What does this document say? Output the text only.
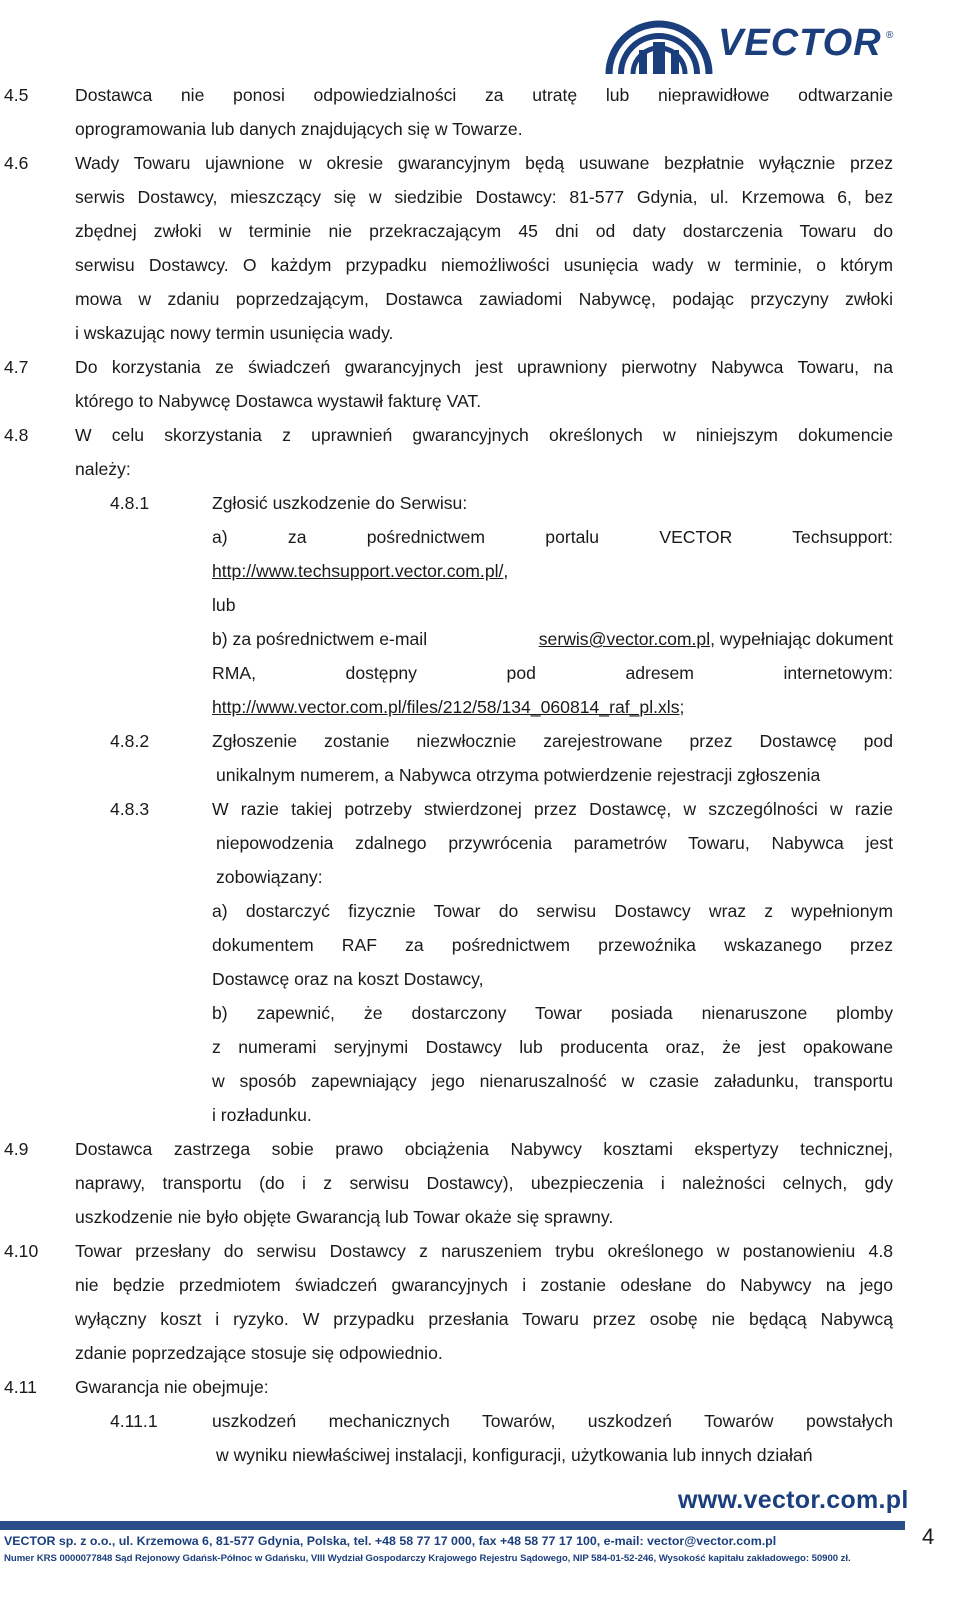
VECTOR ®
4.5	Dostawca nie ponosi odpowiedzialności za utratę lub nieprawidłowe odtwarzanie
oprogramowania lub danych znajdujących się w Towarze.
4.6	Wady Towaru ujawnione w okresie gwarancyjnym będą usuwane bezpłatnie wyłącznie przez
serwis Dostawcy, mieszczący się w siedzibie Dostawcy: 81-577 Gdynia, ul. Krzemowa 6, bez
zbędnej zwłoki w terminie nie przekraczającym 45 dni od daty dostarczenia Towaru do
serwisu Dostawcy. O każdym przypadku niemożliwości usunięcia wady w terminie, o którym
mowa w zdaniu poprzedzającym, Dostawca zawiadomi Nabywcę, podając przyczyny zwłoki
i wskazując nowy termin usunięcia wady.
4.7	Do korzystania ze świadczeń gwarancyjnych jest uprawniony pierwotny Nabywca Towaru, na
którego to Nabywcę Dostawca wystawił fakturę VAT.
4.8	W celu skorzystania z uprawnień gwarancyjnych określonych w niniejszym dokumencie
należy:
4.8.1	Zgłosić uszkodzenie do Serwisu:
a) za pośrednictwem portalu VECTOR Techsupport:
http://www.techsupport.vector.com.pl/,
lub
b) za pośrednictwem e-mail	serwis@vector.com.pl, wypełniając dokument
RMA, dostępny pod adresem internetowym:
http://www.vector.com.pl/files/212/58/134_060814_raf_pl.xls;
4.8.2	Zgłoszenie zostanie niezwłocznie zarejestrowane przez Dostawcę pod
unikalnym numerem, a Nabywca otrzyma potwierdzenie rejestracji zgłoszenia
4.8.3	W razie takiej potrzeby stwierdzonej przez Dostawcę, w szczególności w razie
niepowodzenia zdalnego przywrócenia parametrów Towaru, Nabywca jest
zobowiązany:
a) dostarczyć fizycznie Towar do serwisu Dostawcy wraz z wypełnionym
dokumentem RAF za pośrednictwem przewoźnika wskazanego przez
Dostawcę oraz na koszt Dostawcy,
b) zapewnić, że dostarczony Towar posiada nienaruszone plomby
z numerami seryjnymi Dostawcy lub producenta oraz, że jest opakowane
w sposób zapewniający jego nienaruszalność w czasie załadunku, transportu
i rozładunku.
4.9	Dostawca zastrzega sobie prawo obciążenia Nabywcy kosztami ekspertyzy technicznej,
naprawy, transportu (do i z serwisu Dostawcy), ubezpieczenia i należności celnych, gdy
uszkodzenie nie było objęte Gwarancją lub Towar okaże się sprawny.
4.10 Towar przesłany do serwisu Dostawcy z naruszeniem trybu określonego w postanowieniu 4.8
nie będzie przedmiotem świadczeń gwarancyjnych i zostanie odesłane do Nabywcy na jego
wyłączny koszt i ryzyko. W przypadku przesłania Towaru przez osobę nie będącą Nabywcą
zdanie poprzedzające stosuje się odpowiednio.
4.11 Gwarancja nie obejmuje:
4.11.1	uszkodzeń mechanicznych Towarów, uszkodzeń Towarów powstałych
w wyniku niewłaściwej instalacji, konfiguracji, użytkowania lub innych działań
www.vector.com.pl
VECTOR sp. z o.o., ul. Krzemowa 6, 81-577 Gdynia, Polska, tel. +48 58 77 17 000, fax +48 58 77 17 100, e-mail: vector@vector.com.pl
Numer KRS 0000077848 Sąd Rejonowy Gdańsk-Północ w Gdańsku, VIII Wydział Gospodarczy Krajowego Rejestru Sądowego, NIP 584-01-52-246, Wysokość kapitału zakładowego: 50900 zł.
4
